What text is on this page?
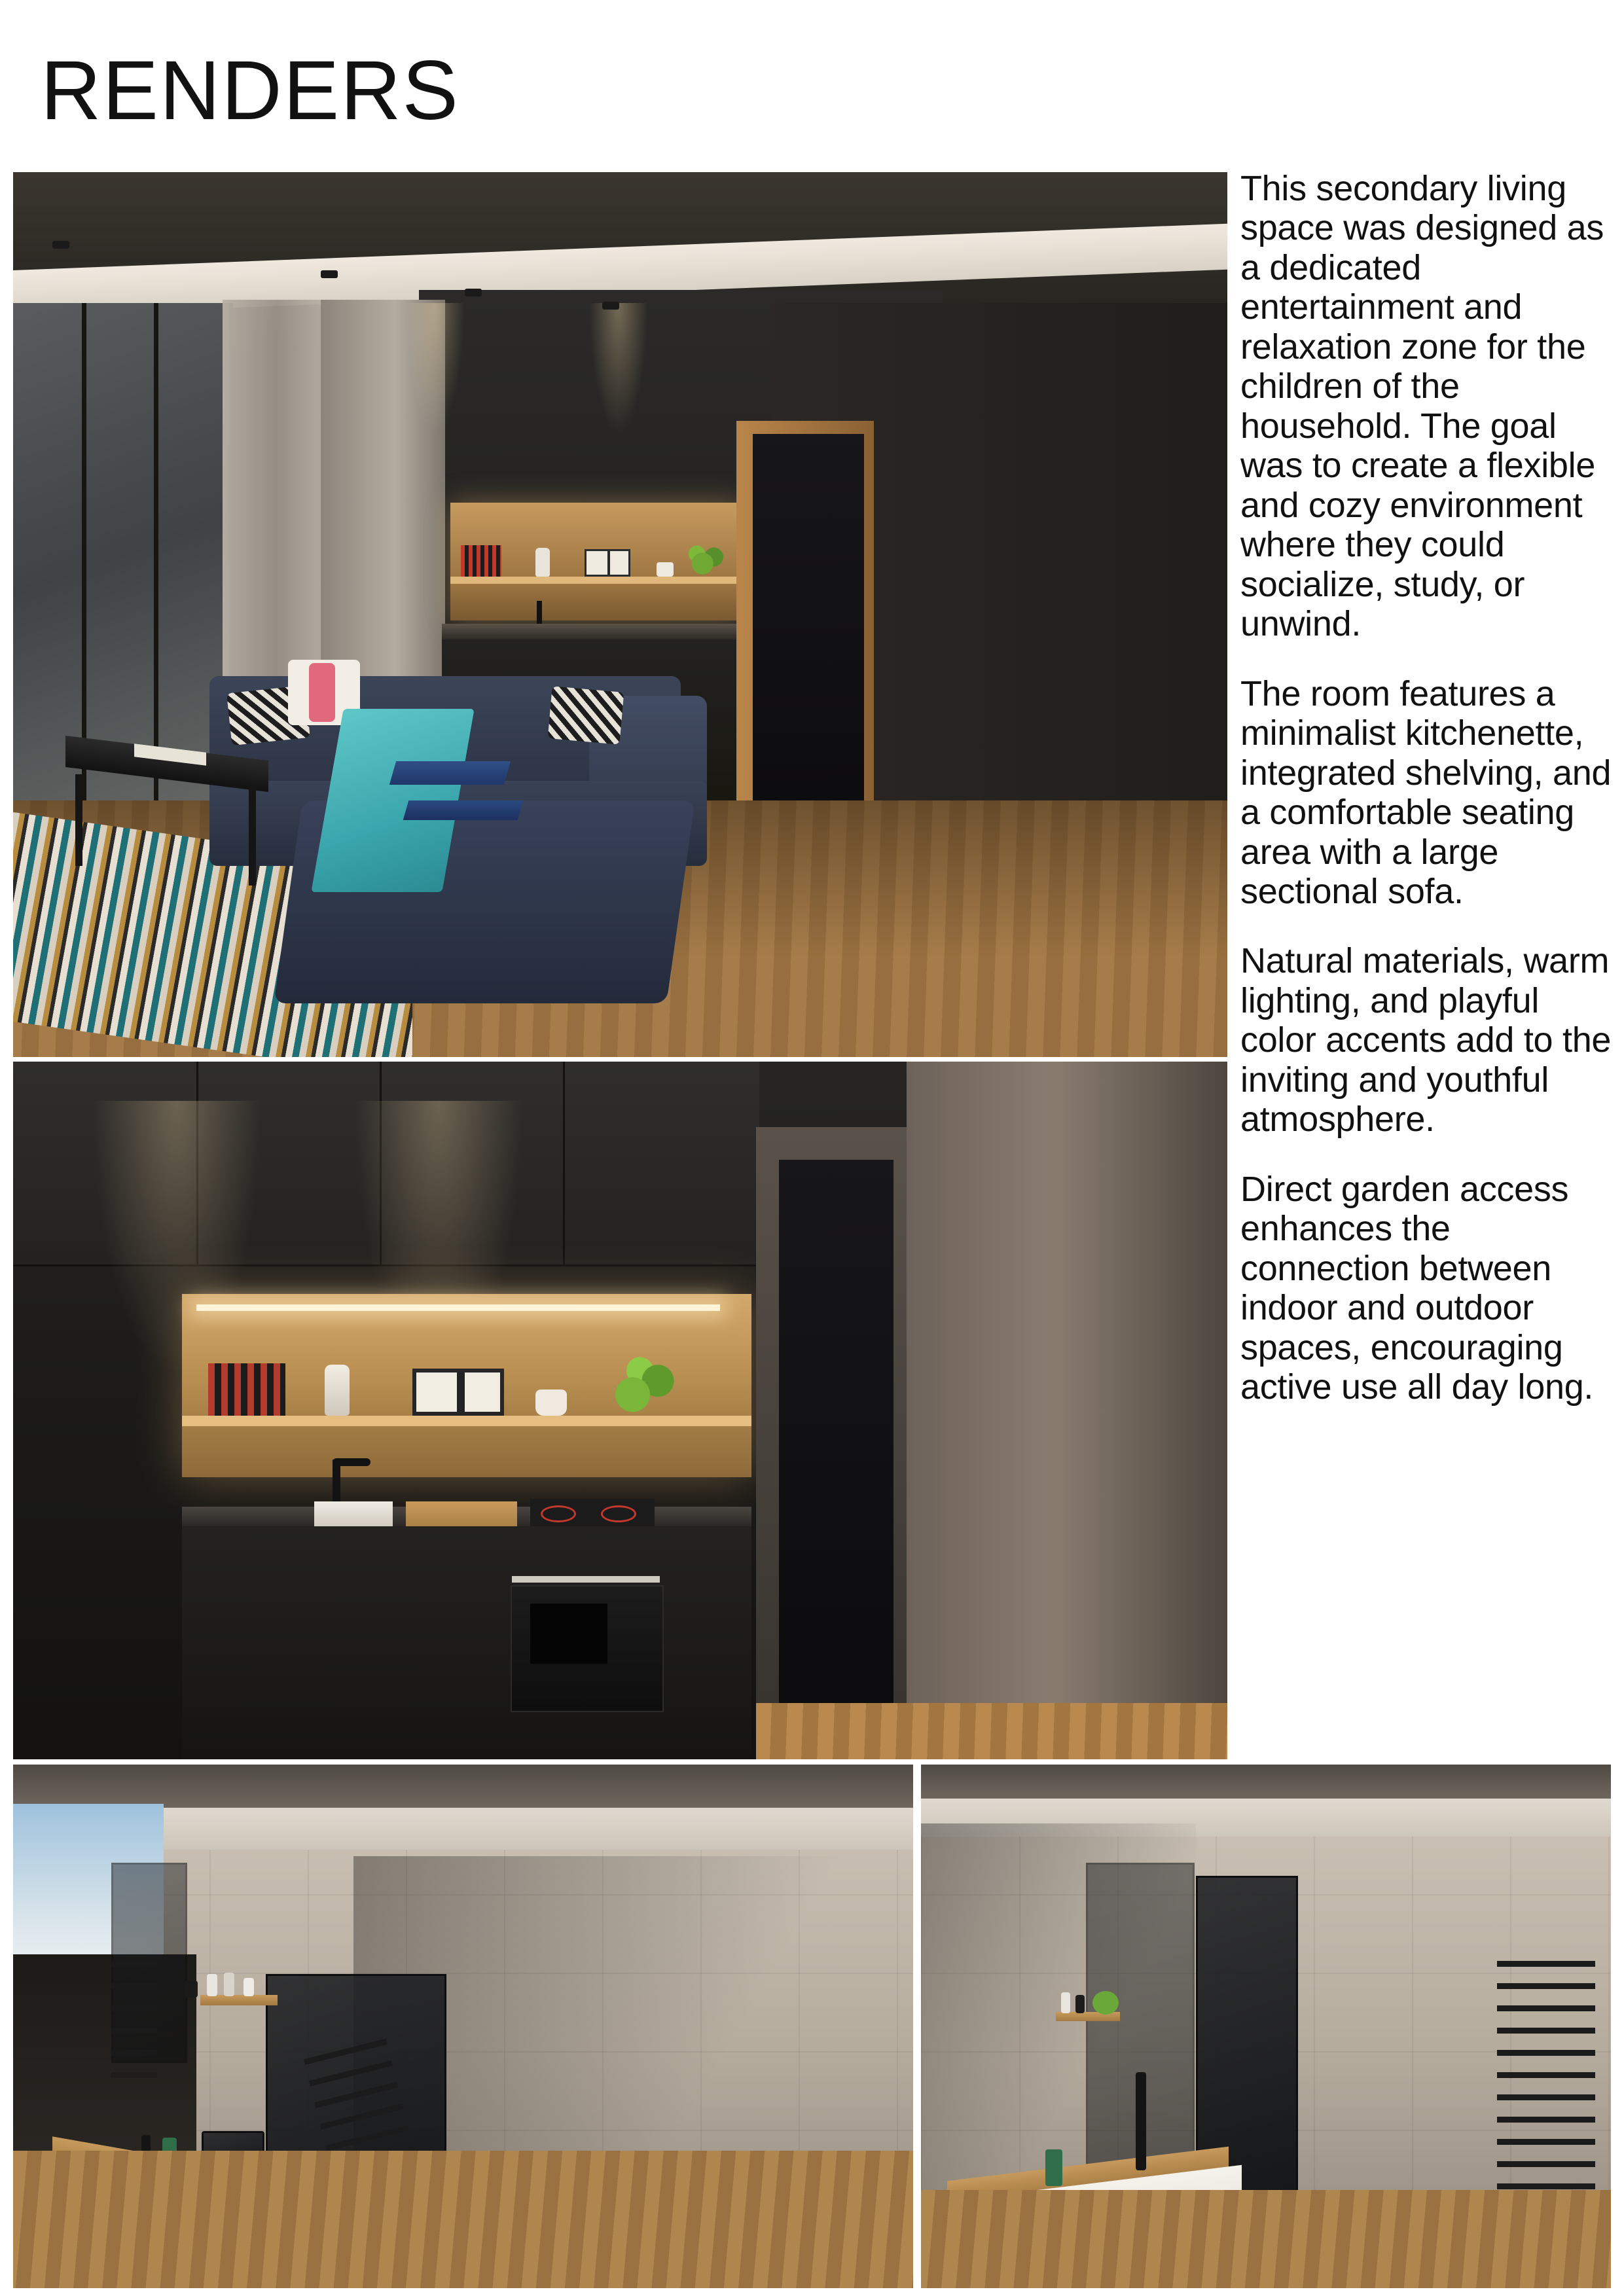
RENDERS

This secondary living space was designed as a dedicated entertainment and relaxation zone for the children of the household. The goal was to create a flexible and cozy environment where they could socialize, study, or unwind.

The room features a minimalist kitchenette, integrated shelving, and a comfortable seating area with a large sectional sofa.

Natural materials, warm lighting, and playful color accents add to the inviting and youthful atmosphere.

Direct garden access enhances the connection between indoor and outdoor spaces, encouraging active use all day long.
